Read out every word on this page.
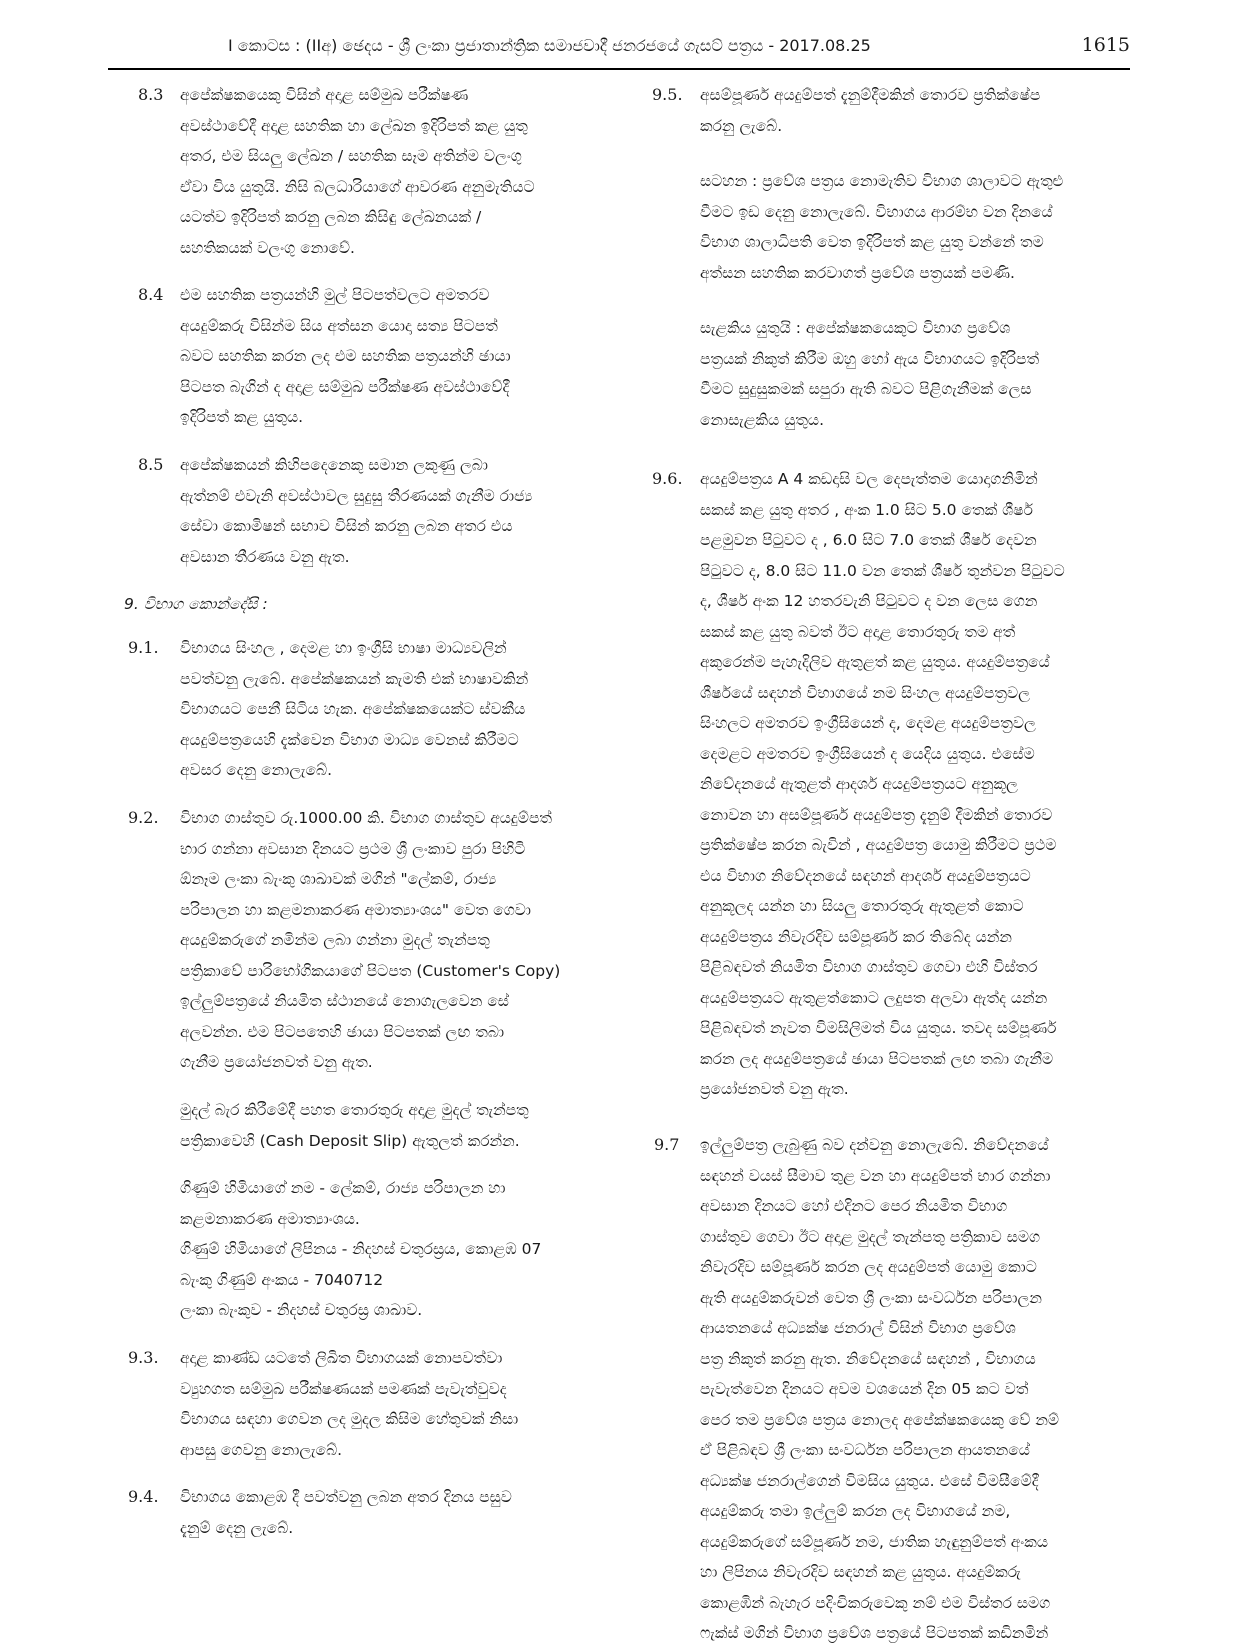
I කොටස : (IIඅ) ඡෙදය - ශ්‍රී ලංකා ප්‍රජාතාන්ත්‍රික සමාජවාදී ජනරජයේ ගැසට් පත්‍රය - 2017.08.25	1615
8.3 අපේක්ෂකයෙකු විසින් අදාළ සම්මුඛ පරීක්ෂණ
අවස්ථාවේදී අදාළ සහතික හා ලේඛන ඉදිරිපත් කළ යුතු
අතර, එම සියලු ලේඛන / සහතික සෑම අතින්ම වලංගු
ඒවා විය යුතුයි. නිසි බලධාරියාගේ ආවරණ අනුමැතියට
යටත්ව ඉදිරිපත් කරනු ලබන කිසිඳු ලේඛනයක් /
සහතිකයක් වලංගු නොවේ.
8.4 එම සහතික පත්‍රයන්හි මුල් පිටපත්වලට අමතරව
අයදුම්කරු විසින්ම සිය අත්සන යොදා සත්‍ය පිටපත්
බවට සහතික කරන ලද එම සහතික පත්‍රයන්හි ඡායා
පිටපත බැගින් ද අදාළ සම්මුඛ පරීක්ෂණ අවස්ථාවේදී
ඉදිරිපත් කළ යුතුය.
8.5 අපේක්ෂකයන් කිහිපදෙනෙකු සමාන ලකුණු ලබා
ඇත්නම් එවැනි අවස්ථාවල සුදුසු තීරණයක් ගැනීම රාජ්‍ය
සේවා කොමිෂන් සභාව විසින් කරනු ලබන අතර එය
අවසාන තීරණය වනු ඇත.
9. විභාග කොන්දේසි :
9.1. විභාගය සිංහල , දෙමළ හා ඉංග්‍රීසි භාෂා මාධ්‍යවලින්
පවත්වනු ලැබේ. අපේක්ෂකයන් කැමති එක් භාෂාවකින්
විභාගයට පෙනී සිටිය හැක. අපේක්ෂකයෙක්ට ස්වකීය
අයදුම්පත්‍රයෙහි දැක්වෙන විභාග මාධ්‍ය වෙනස් කිරීමට
අවසර දෙනු නොලැබේ.
9.2. විභාග ගාස්තුව රු.1000.00 කි. විභාග ගාස්තුව අයදුම්පත්
භාර ගන්නා අවසාන දිනයට ප්‍රථම ශ්‍රී ලංකාව පුරා පිහිටි
ඕනෑම ලංකා බැංකු ශාඛාවක් මගින් "ලේකම්, රාජ්‍ය
පරිපාලන හා කළමනාකරණ අමාත්‍යාංශය" වෙත ගෙවා
අයදුම්කරුගේ නමින්ම ලබා ගන්නා මුදල් තැන්පතු
පත්‍රිකාවේ පාරිභෝගිකයාගේ පිටපත (Customer's Copy)
ඉල්ලුම්පත්‍රයේ නියමිත ස්ථානයේ නොගැලවෙන සේ
අලවන්න. එම පිටපතෙහි ඡායා පිටපතක් ලඟ තබා
ගැනීම ප්‍රයෝජනවත් වනු ඇත.
මුදල් බැර කිරීමේදී පහත තොරතුරු අදාළ මුදල් තැන්පතු
පත්‍රිකාවෙහි (Cash Deposit Slip) ඇතුලත් කරන්න.
ගිණුම් හිමියාගේ නම - ලේකම්, රාජ්‍ය පරිපාලන හා
කළමනාකරණ අමාත්‍යාංශය.
ගිණුම් හිමියාගේ ලිපිනය - නිදහස් චතුරස්‍රය, කොළඹ 07
බැංකු ගිණුම් අංකය - 7040712
ලංකා බැංකුව - නිදහස් චතුරස්‍ර ශාඛාව.
9.3. අදාළ කාණ්ඩ යටතේ ලිඛිත විභාගයක් නොපවත්වා
ව්‍යුහගත සම්මුඛ පරීක්ෂණයක් පමණක් පැවැත්වුවද
විභාගය සඳහා ගෙවන ලද මුදල කිසිම හේතුවක් නිසා
ආපසු ගෙවනු නොලැබේ.
9.4. විභාගය කොළඹ දී පවත්වනු ලබන අතර දිනය පසුව
දැනුම් දෙනු ලැබේ.
9.5. අසම්පූර්ණ අයදුම්පත් දැනුම්දීමකින් තොරව ප්‍රතික්ෂේප
කරනු ලැබේ.
සටහන : ප්‍රවේශ පත්‍රය නොමැතිව විභාග ශාලාවට ඇතුළු
වීමට ඉඩ දෙනු නොලැබේ. විභාගය ආරම්භ වන දිනයේ
විභාග ශාලාධිපති වෙත ඉදිරිපත් කළ යුතු වන්නේ තම
අත්සන සහතික කරවාගත් ප්‍රවේශ පත්‍රයක් පමණි.
සැළකිය යුතුයි : අපේක්ෂකයෙකුට විභාග ප්‍රවේශ
පත්‍රයක් නිකුත් කිරීම ඔහු හෝ ඇය විභාගයට ඉදිරිපත්
වීමට සුදුසුකමක් සපුරා ඇති බවට පිළිගැනීමක් ලෙස
නොසැළකිය යුතුය.
9.6. අයදුම්පත්‍රය A 4 කඩදාසි වල දෙපැත්තම යොදාගනිමින්
සකස් කළ යුතු අතර , අංක 1.0 සිට 5.0 තෙක් ශීර්ෂ
පළමුවන පිටුවට ද , 6.0 සිට 7.0 තෙක් ශීර්ෂ දෙවන
පිටුවට ද, 8.0 සිට 11.0 වන තෙක් ශීර්ෂ තුන්වන පිටුවට
ද, ශීර්ෂ අංක 12 හතරවැනි පිටුවට ද වන ලෙස ගෙන
සකස් කළ යුතු බවත් ඊට අදාළ තොරතුරු තම අත්
අකුරෙන්ම පැහැදිලිව ඇතුළත් කළ යුතුය. අයදුම්පත්‍රයේ
ශීර්ෂයේ සඳහන් විභාගයේ නම සිංහල අයදුම්පත්‍රවල
සිංහලට අමතරව ඉංග්‍රීසියෙන් ද, දෙමළ අයදුම්පත්‍රවල
දෙමළට අමතරව ඉංග්‍රීසියෙන් ද යෙදිය යුතුය. එසේම
නිවේදනයේ ඇතුළත් ආදර්ශ අයදුම්පත්‍රයට අනුකූල
නොවන හා අසම්පූර්ණ අයදුම්පත්‍ර දැනුම් දීමකින් තොරව
ප්‍රතික්ෂේප කරන බැවින් , අයදුම්පත්‍ර යොමු කිරීමට ප්‍රථම
එය විභාග නිවේදනයේ සඳහන් ආදර්ශ අයදුම්පත්‍රයට
අනුකූලද යන්න හා සියලු තොරතුරු ඇතුළත් කොට
අයදුම්පත්‍රය නිවැරදිව සම්පූර්ණ කර තිබේද යන්න
පිළිබඳවත් නියමිත විභාග ගාස්තුව ගෙවා එහි විස්තර
අයදුම්පත්‍රයට ඇතුළත්කොට ලදුපත අලවා ඇත්ද යන්න
පිළිබඳවත් නැවත විමසිලිමත් විය යුතුය. තවද සම්පූර්ණ
කරන ලද අයදුම්පත්‍රයේ ඡායා පිටපතක් ලඟ තබා ගැනීම
ප්‍රයෝජනවත් වනු ඇත.
9.7 ඉල්ලුම්පත්‍ර ලැබුණු බව දන්වනු නොලැබේ. නිවේදනයේ
සඳහන් වයස් සීමාව තුළ වන හා අයදුම්පත් භාර ගන්නා
අවසාන දිනයට හෝ එදිනට පෙර නියමිත විභාග
ගාස්තුව ගෙවා ඊට අදාළ මුදල් තැන්පතු පත්‍රිකාව සමග
නිවැරදිව සම්පූර්ණ කරන ලද අයදුම්පත් යොමු කොට
ඇති අයදුම්කරුවන් වෙත ශ්‍රී ලංකා සංවර්ධන පරිපාලන
ආයතනයේ අධ්‍යක්ෂ ජනරාල් විසින් විභාග ප්‍රවේශ
පත්‍ර නිකුත් කරනු ඇත. නිවේදනයේ සඳහන් , විභාගය
පැවැත්වෙන දිනයට අවම වශයෙන් දින 05 කට වත්
පෙර තම ප්‍රවේශ පත්‍රය නොලද අපේක්ෂකයෙකු වේ නම්
ඒ පිළිබඳව ශ්‍රී ලංකා සංවර්ධන පරිපාලන ආයතනයේ
අධ්‍යක්ෂ ජනරාල්ගෙන් විමසිය යුතුය. එසේ විමසීමේදී
අයදුම්කරු තමා ඉල්ලුම් කරන ලද විභාගයේ නම,
අයදුම්කරුගේ සම්පූර්ණ නම, ජාතික හැඳුනුම්පත් අංකය
හා ලිපිනය නිවැරදිව සඳහන් කළ යුතුය. අයදුම්කරු
කොළඹින් බැහැර පදිංචිකරුවෙකු නම් එම විස්තර සමග
ෆැක්ස් මගින් විභාග ප්‍රවේශ පත්‍රයේ පිටපතක් කඩිනමින්
